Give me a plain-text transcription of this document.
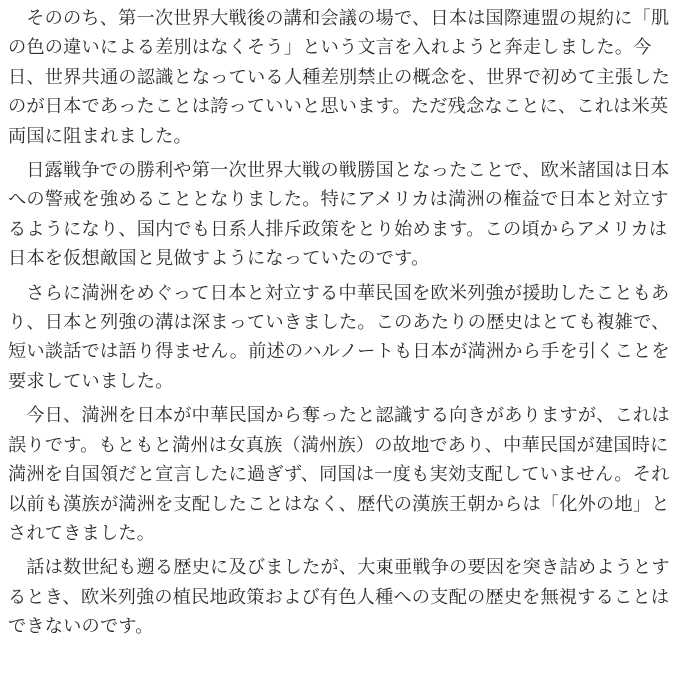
そののち、第一次世界大戦後の講和会議の場で、日本は国際連盟の規約に「肌の色の違いによる差別はなくそう」という文言を入れようと奔走しました。今日、世界共通の認識となっている人種差別禁止の概念を、世界で初めて主張したのが日本であったことは誇っていいと思います。ただ残念なことに、これは米英両国に阻まれました。

日露戦争での勝利や第一次世界大戦の戦勝国となったことで、欧米諸国は日本への警戒を強めることとなりました。特にアメリカは満洲の権益で日本と対立するようになり、国内でも日系人排斥政策をとり始めます。この頃からアメリカは日本を仮想敵国と見做すようになっていたのです。

さらに満洲をめぐって日本と対立する中華民国を欧米列強が援助したこともあり、日本と列強の溝は深まっていきました。このあたりの歴史はとても複雑で、短い談話では語り得ません。前述のハルノートも日本が満洲から手を引くことを要求していました。

今日、満洲を日本が中華民国から奪ったと認識する向きがありますが、これは誤りです。もともと満州は女真族（満州族）の故地であり、中華民国が建国時に満洲を自国領だと宣言したに過ぎず、同国は一度も実効支配していません。それ以前も漢族が満洲を支配したことはなく、歴代の漢族王朝からは「化外の地」とされてきました。

話は数世紀も遡る歴史に及びましたが、大東亜戦争の要因を突き詰めようとするとき、欧米列強の植民地政策および有色人種への支配の歴史を無視することはできないのです。
